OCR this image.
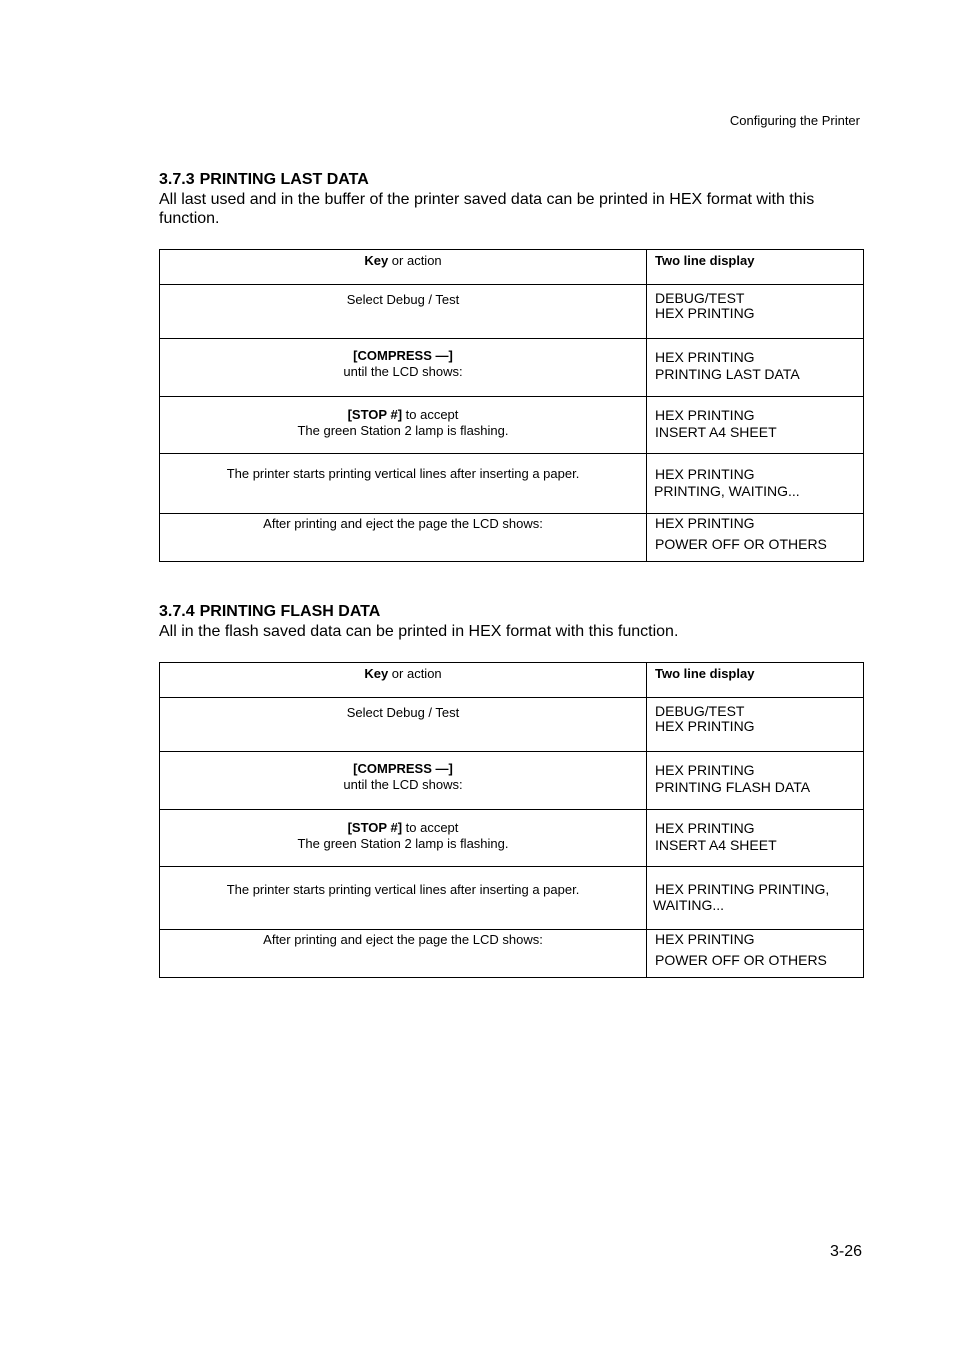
Configuring the Printer
3.7.3 PRINTING LAST DATA

All last used and in the buffer of the printer saved data can be printed in HEX format with this function.

Key or action	Two line display

Select Debug / Test	DEBUG/TEST
HEX PRINTING

[COMPRESS —]
until the LCD shows:	HEX PRINTING
PRINTING LAST DATA

[STOP #] to accept
The green Station 2 lamp is flashing.	HEX PRINTING
INSERT A4 SHEET

The printer starts printing vertical lines after inserting a paper.	HEX PRINTING
PRINTING, WAITING...

After printing and eject the page the LCD shows:	HEX PRINTING
POWER OFF OR OTHERS
3.7.4 PRINTING FLASH DATA

All in the flash saved data can be printed in HEX format with this function.

Key or action	Two line display

Select Debug / Test	DEBUG/TEST
HEX PRINTING

[COMPRESS —]
until the LCD shows:	HEX PRINTING
PRINTING FLASH DATA

[STOP #] to accept
The green Station 2 lamp is flashing.	HEX PRINTING
INSERT A4 SHEET

The printer starts printing vertical lines after inserting a paper.	HEX PRINTING PRINTING,
WAITING...

After printing and eject the page the LCD shows:	HEX PRINTING
POWER OFF OR OTHERS
3-26
